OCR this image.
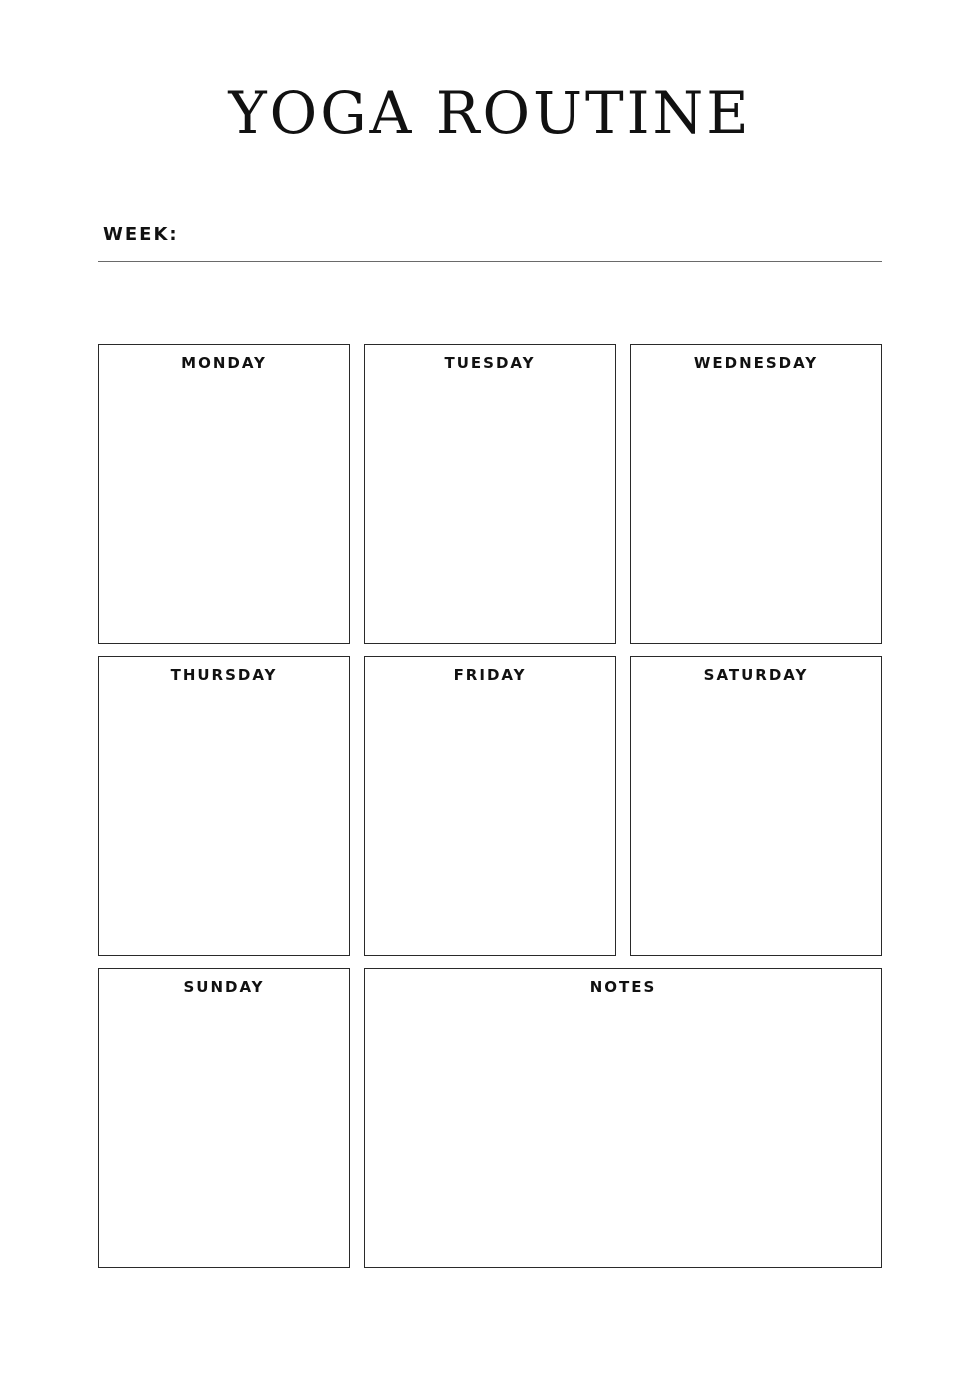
YOGA ROUTINE
WEEK:
MONDAY	TUESDAY	WEDNESDAY
THURSDAY	FRIDAY	SATURDAY
SUNDAY	NOTES
